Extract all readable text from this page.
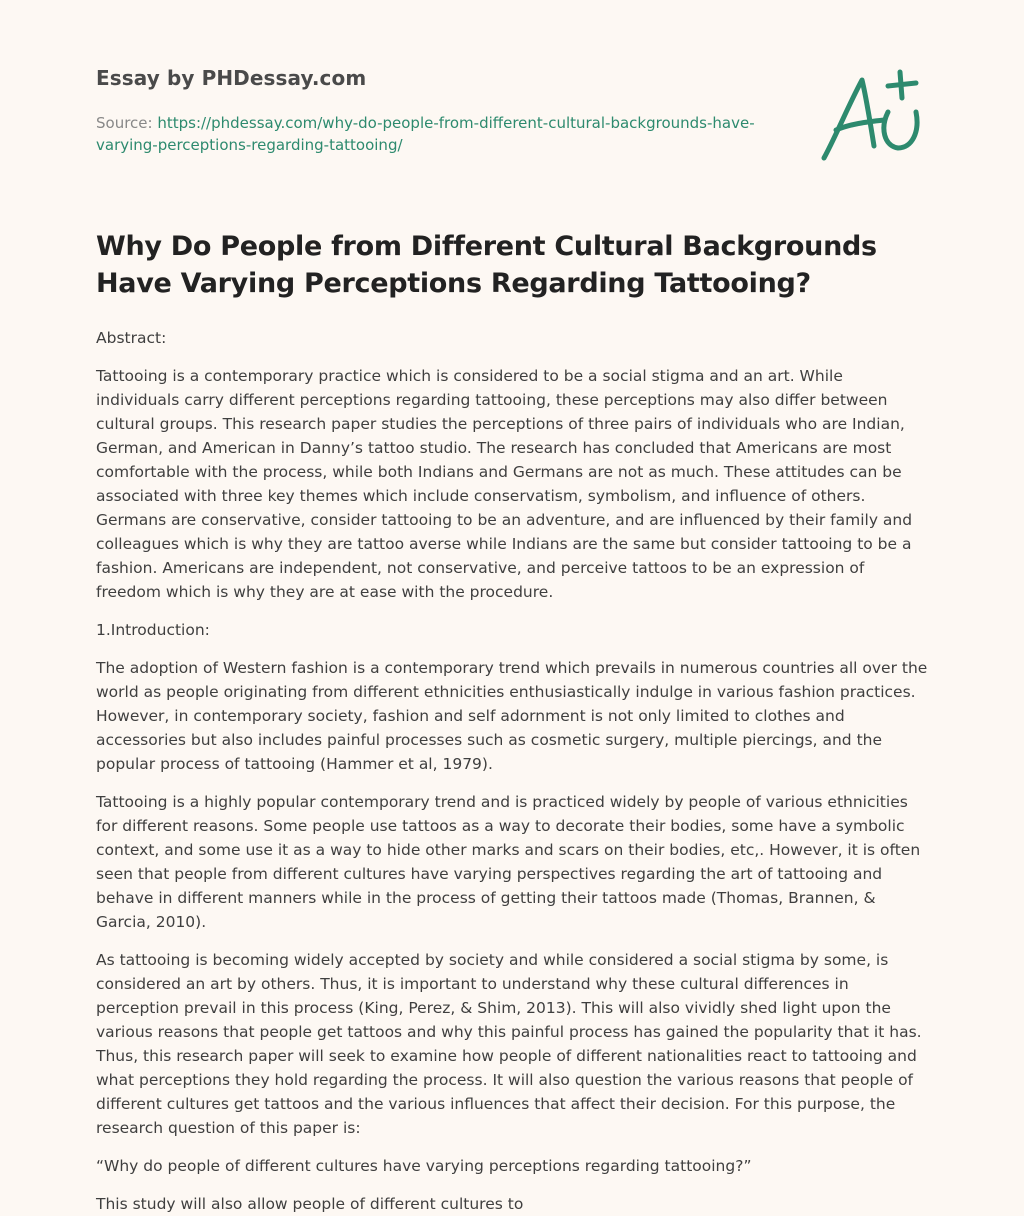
Essay by PHDessay.com
Source: https://phdessay.com/why-do-people-from-different-cultural-backgrounds-have-varying-perceptions-regarding-tattooing/
Why Do People from Different Cultural Backgrounds Have Varying Perceptions Regarding Tattooing?

Abstract:

Tattooing is a contemporary practice which is considered to be a social stigma and an art. While individuals carry different perceptions regarding tattooing, these perceptions may also differ between cultural groups. This research paper studies the perceptions of three pairs of individuals who are Indian, German, and American in Danny’s tattoo studio. The research has concluded that Americans are most comfortable with the process, while both Indians and Germans are not as much. These attitudes can be associated with three key themes which include conservatism, symbolism, and influence of others. Germans are conservative, consider tattooing to be an adventure, and are influenced by their family and colleagues which is why they are tattoo averse while Indians are the same but consider tattooing to be a fashion. Americans are independent, not conservative, and perceive tattoos to be an expression of freedom which is why they are at ease with the procedure.

1.Introduction:

The adoption of Western fashion is a contemporary trend which prevails in numerous countries all over the world as people originating from different ethnicities enthusiastically indulge in various fashion practices. However, in contemporary society, fashion and self adornment is not only limited to clothes and accessories but also includes painful processes such as cosmetic surgery, multiple piercings, and the popular process of tattooing (Hammer et al, 1979).

Tattooing is a highly popular contemporary trend and is practiced widely by people of various ethnicities for different reasons. Some people use tattoos as a way to decorate their bodies, some have a symbolic context, and some use it as a way to hide other marks and scars on their bodies, etc,. However, it is often seen that people from different cultures have varying perspectives regarding the art of tattooing and behave in different manners while in the process of getting their tattoos made (Thomas, Brannen, & Garcia, 2010).

As tattooing is becoming widely accepted by society and while considered a social stigma by some, is considered an art by others. Thus, it is important to understand why these cultural differences in perception prevail in this process (King, Perez, & Shim, 2013). This will also vividly shed light upon the various reasons that people get tattoos and why this painful process has gained the popularity that it has. Thus, this research paper will seek to examine how people of different nationalities react to tattooing and what perceptions they hold regarding the process. It will also question the various reasons that people of different cultures get tattoos and the various influences that affect their decision. For this purpose, the research question of this paper is:

“Why do people of different cultures have varying perceptions regarding tattooing?”

This study will also allow people of different cultures to
